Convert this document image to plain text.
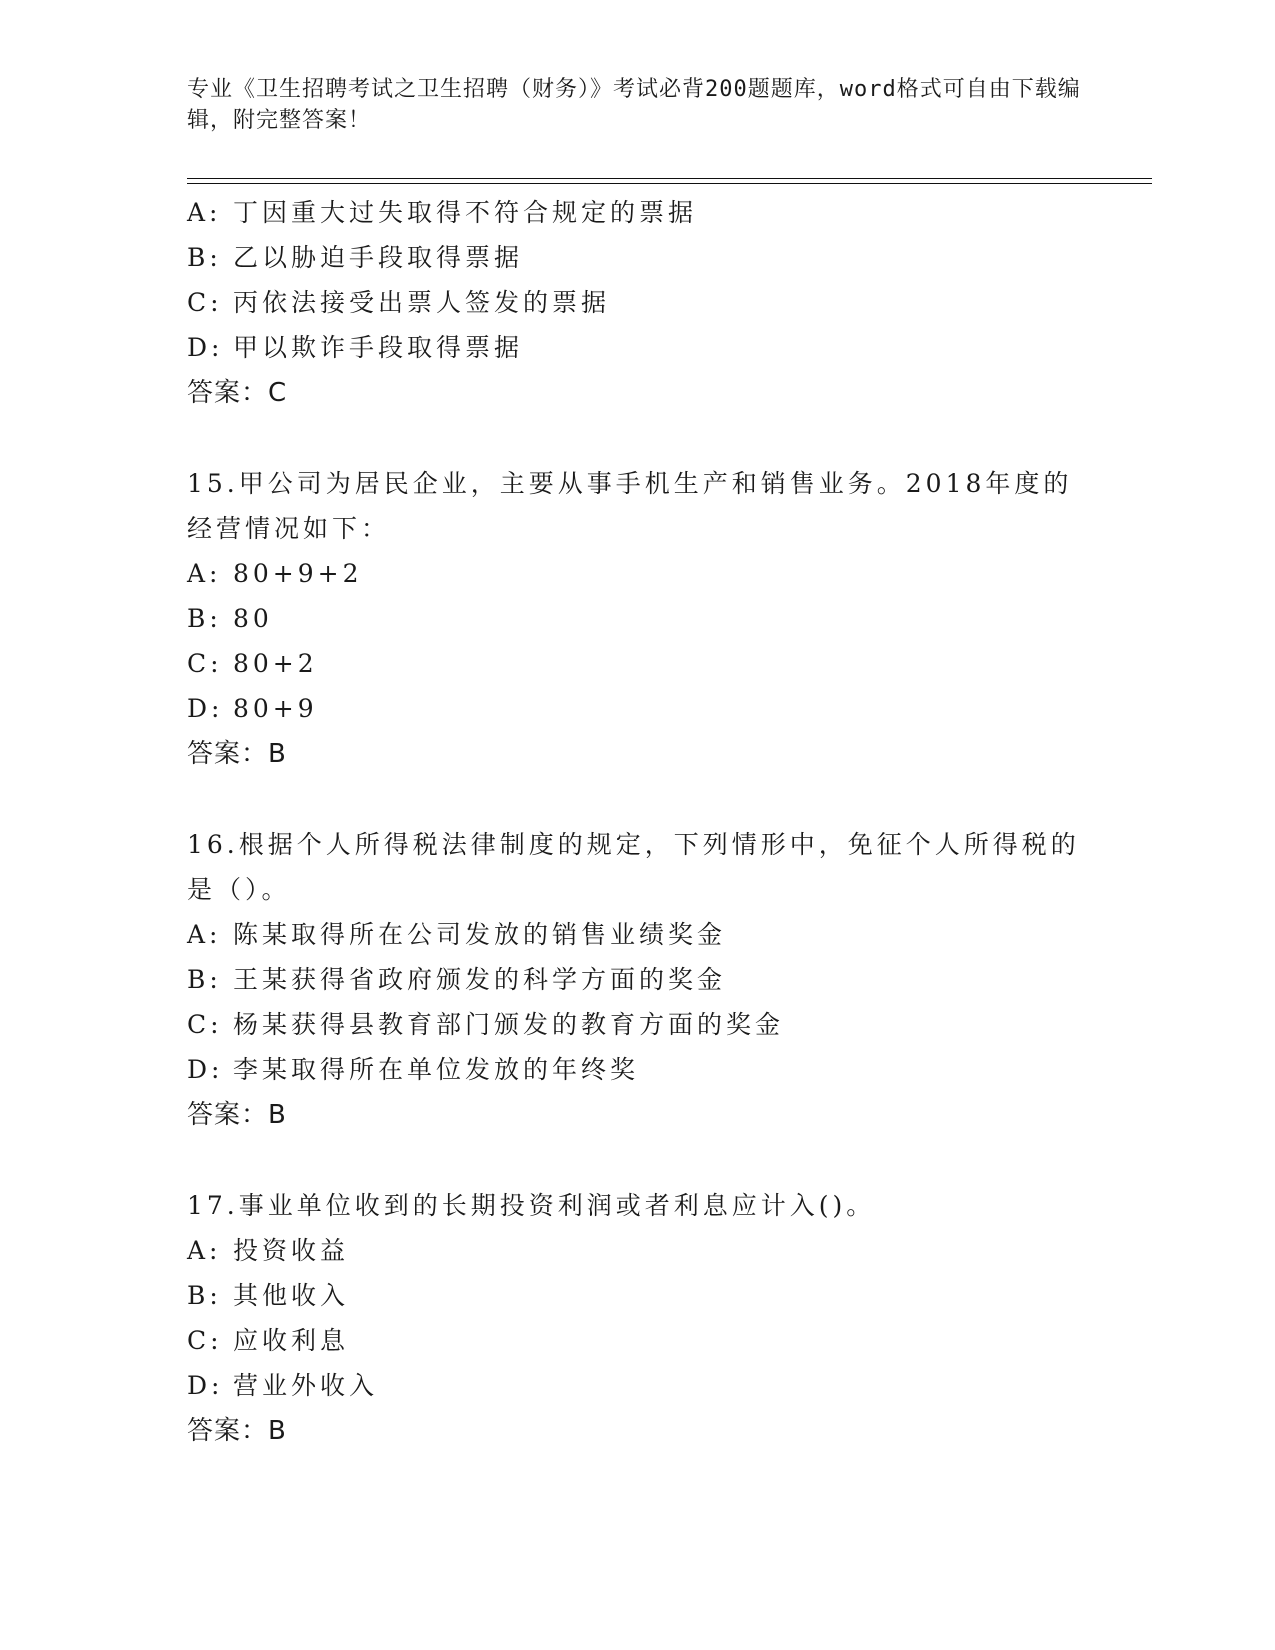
专业《卫生招聘考试之卫生招聘（财务）》考试必背200题题库，word格式可自由下载编辑，附完整答案！
A: 丁因重大过失取得不符合规定的票据
B: 乙以胁迫手段取得票据
C: 丙依法接受出票人签发的票据
D: 甲以欺诈手段取得票据
答案：C
15.甲公司为居民企业，主要从事手机生产和销售业务。2018年度的经营情况如下：
A: 80+9+2
B: 80
C: 80+2
D: 80+9
答案：B
16.根据个人所得税法律制度的规定，下列情形中，免征个人所得税的是（）。
A: 陈某取得所在公司发放的销售业绩奖金
B: 王某获得省政府颁发的科学方面的奖金
C: 杨某获得县教育部门颁发的教育方面的奖金
D: 李某取得所在单位发放的年终奖
答案：B
17.事业单位收到的长期投资利润或者利息应计入()。
A: 投资收益
B: 其他收入
C: 应收利息
D: 营业外收入
答案：B
